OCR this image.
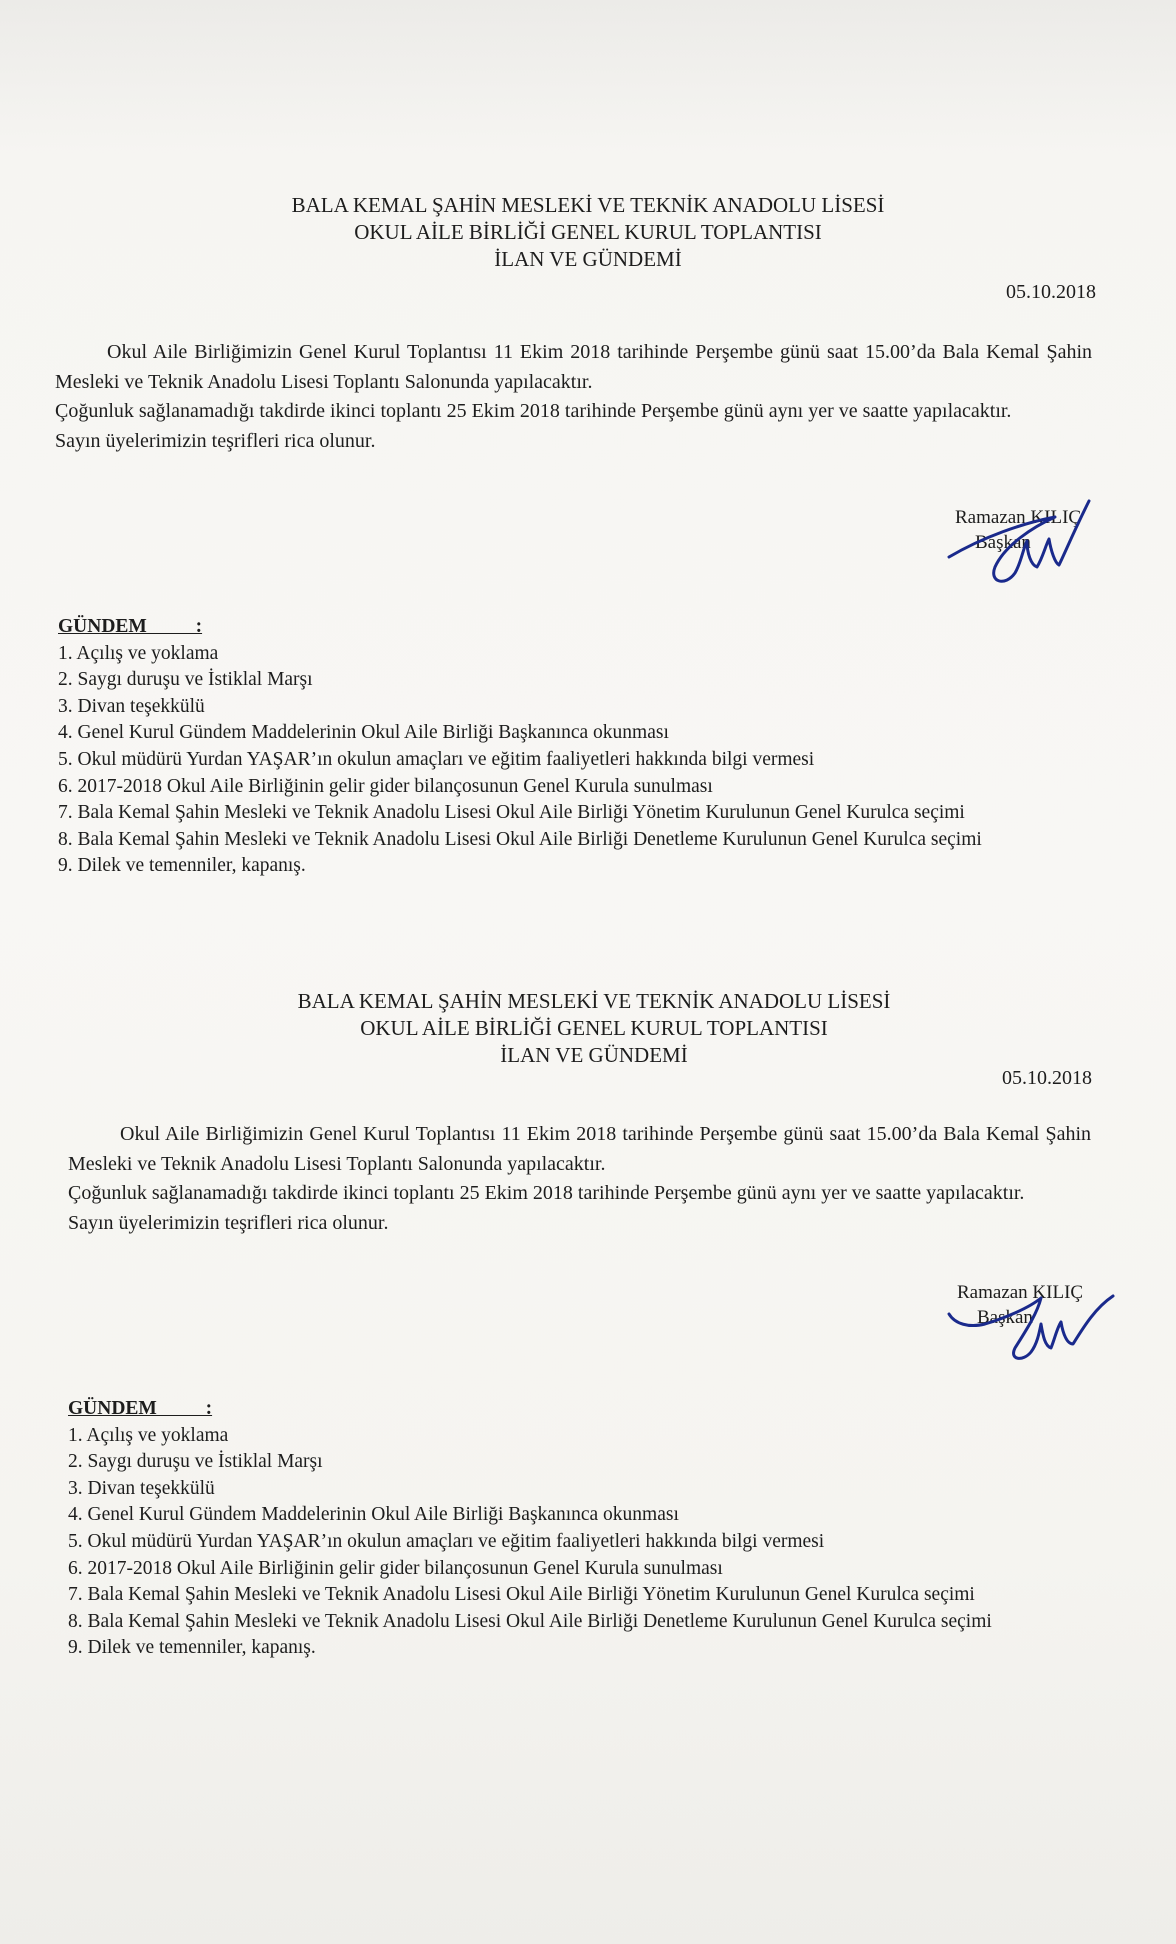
BALA KEMAL ŞAHİN MESLEKİ VE TEKNİK ANADOLU LİSESİ
OKUL AİLE BİRLİĞİ GENEL KURUL TOPLANTISI
İLAN VE GÜNDEMİ
05.10.2018

Okul Aile Birliğimizin Genel Kurul Toplantısı 11 Ekim 2018 tarihinde Perşembe günü saat 15.00’da Bala Kemal Şahin Mesleki ve Teknik Anadolu Lisesi Toplantı Salonunda yapılacaktır.

Çoğunluk sağlanamadığı takdirde ikinci toplantı 25 Ekim 2018 tarihinde Perşembe günü aynı yer ve saatte yapılacaktır.

Sayın üyelerimizin teşrifleri rica olunur.

Ramazan KILIÇ
Başkan
GÜNDEM          :
1. Açılış ve yoklama
2. Saygı duruşu ve İstiklal Marşı
3. Divan teşekkülü
4. Genel Kurul Gündem Maddelerinin Okul Aile Birliği Başkanınca okunması
5. Okul müdürü Yurdan YAŞAR’ın okulun amaçları ve eğitim faaliyetleri hakkında bilgi vermesi
6. 2017-2018 Okul Aile Birliğinin gelir gider bilançosunun Genel Kurula sunulması
7. Bala Kemal Şahin Mesleki ve Teknik Anadolu Lisesi Okul Aile Birliği Yönetim Kurulunun Genel Kurulca seçimi
8. Bala Kemal Şahin Mesleki ve Teknik Anadolu Lisesi Okul Aile Birliği Denetleme Kurulunun Genel Kurulca seçimi
9. Dilek ve temenniler, kapanış.
BALA KEMAL ŞAHİN MESLEKİ VE TEKNİK ANADOLU LİSESİ
OKUL AİLE BİRLİĞİ GENEL KURUL TOPLANTISI
İLAN VE GÜNDEMİ
05.10.2018

Okul Aile Birliğimizin Genel Kurul Toplantısı 11 Ekim 2018 tarihinde Perşembe günü saat 15.00’da Bala Kemal Şahin Mesleki ve Teknik Anadolu Lisesi Toplantı Salonunda yapılacaktır.

Çoğunluk sağlanamadığı takdirde ikinci toplantı 25 Ekim 2018 tarihinde Perşembe günü aynı yer ve saatte yapılacaktır.

Sayın üyelerimizin teşrifleri rica olunur.

Ramazan KILIÇ
Başkan
GÜNDEM          :
1. Açılış ve yoklama
2. Saygı duruşu ve İstiklal Marşı
3. Divan teşekkülü
4. Genel Kurul Gündem Maddelerinin Okul Aile Birliği Başkanınca okunması
5. Okul müdürü Yurdan YAŞAR’ın okulun amaçları ve eğitim faaliyetleri hakkında bilgi vermesi
6. 2017-2018 Okul Aile Birliğinin gelir gider bilançosunun Genel Kurula sunulması
7. Bala Kemal Şahin Mesleki ve Teknik Anadolu Lisesi Okul Aile Birliği Yönetim Kurulunun Genel Kurulca seçimi
8. Bala Kemal Şahin Mesleki ve Teknik Anadolu Lisesi Okul Aile Birliği Denetleme Kurulunun Genel Kurulca seçimi
9. Dilek ve temenniler, kapanış.
